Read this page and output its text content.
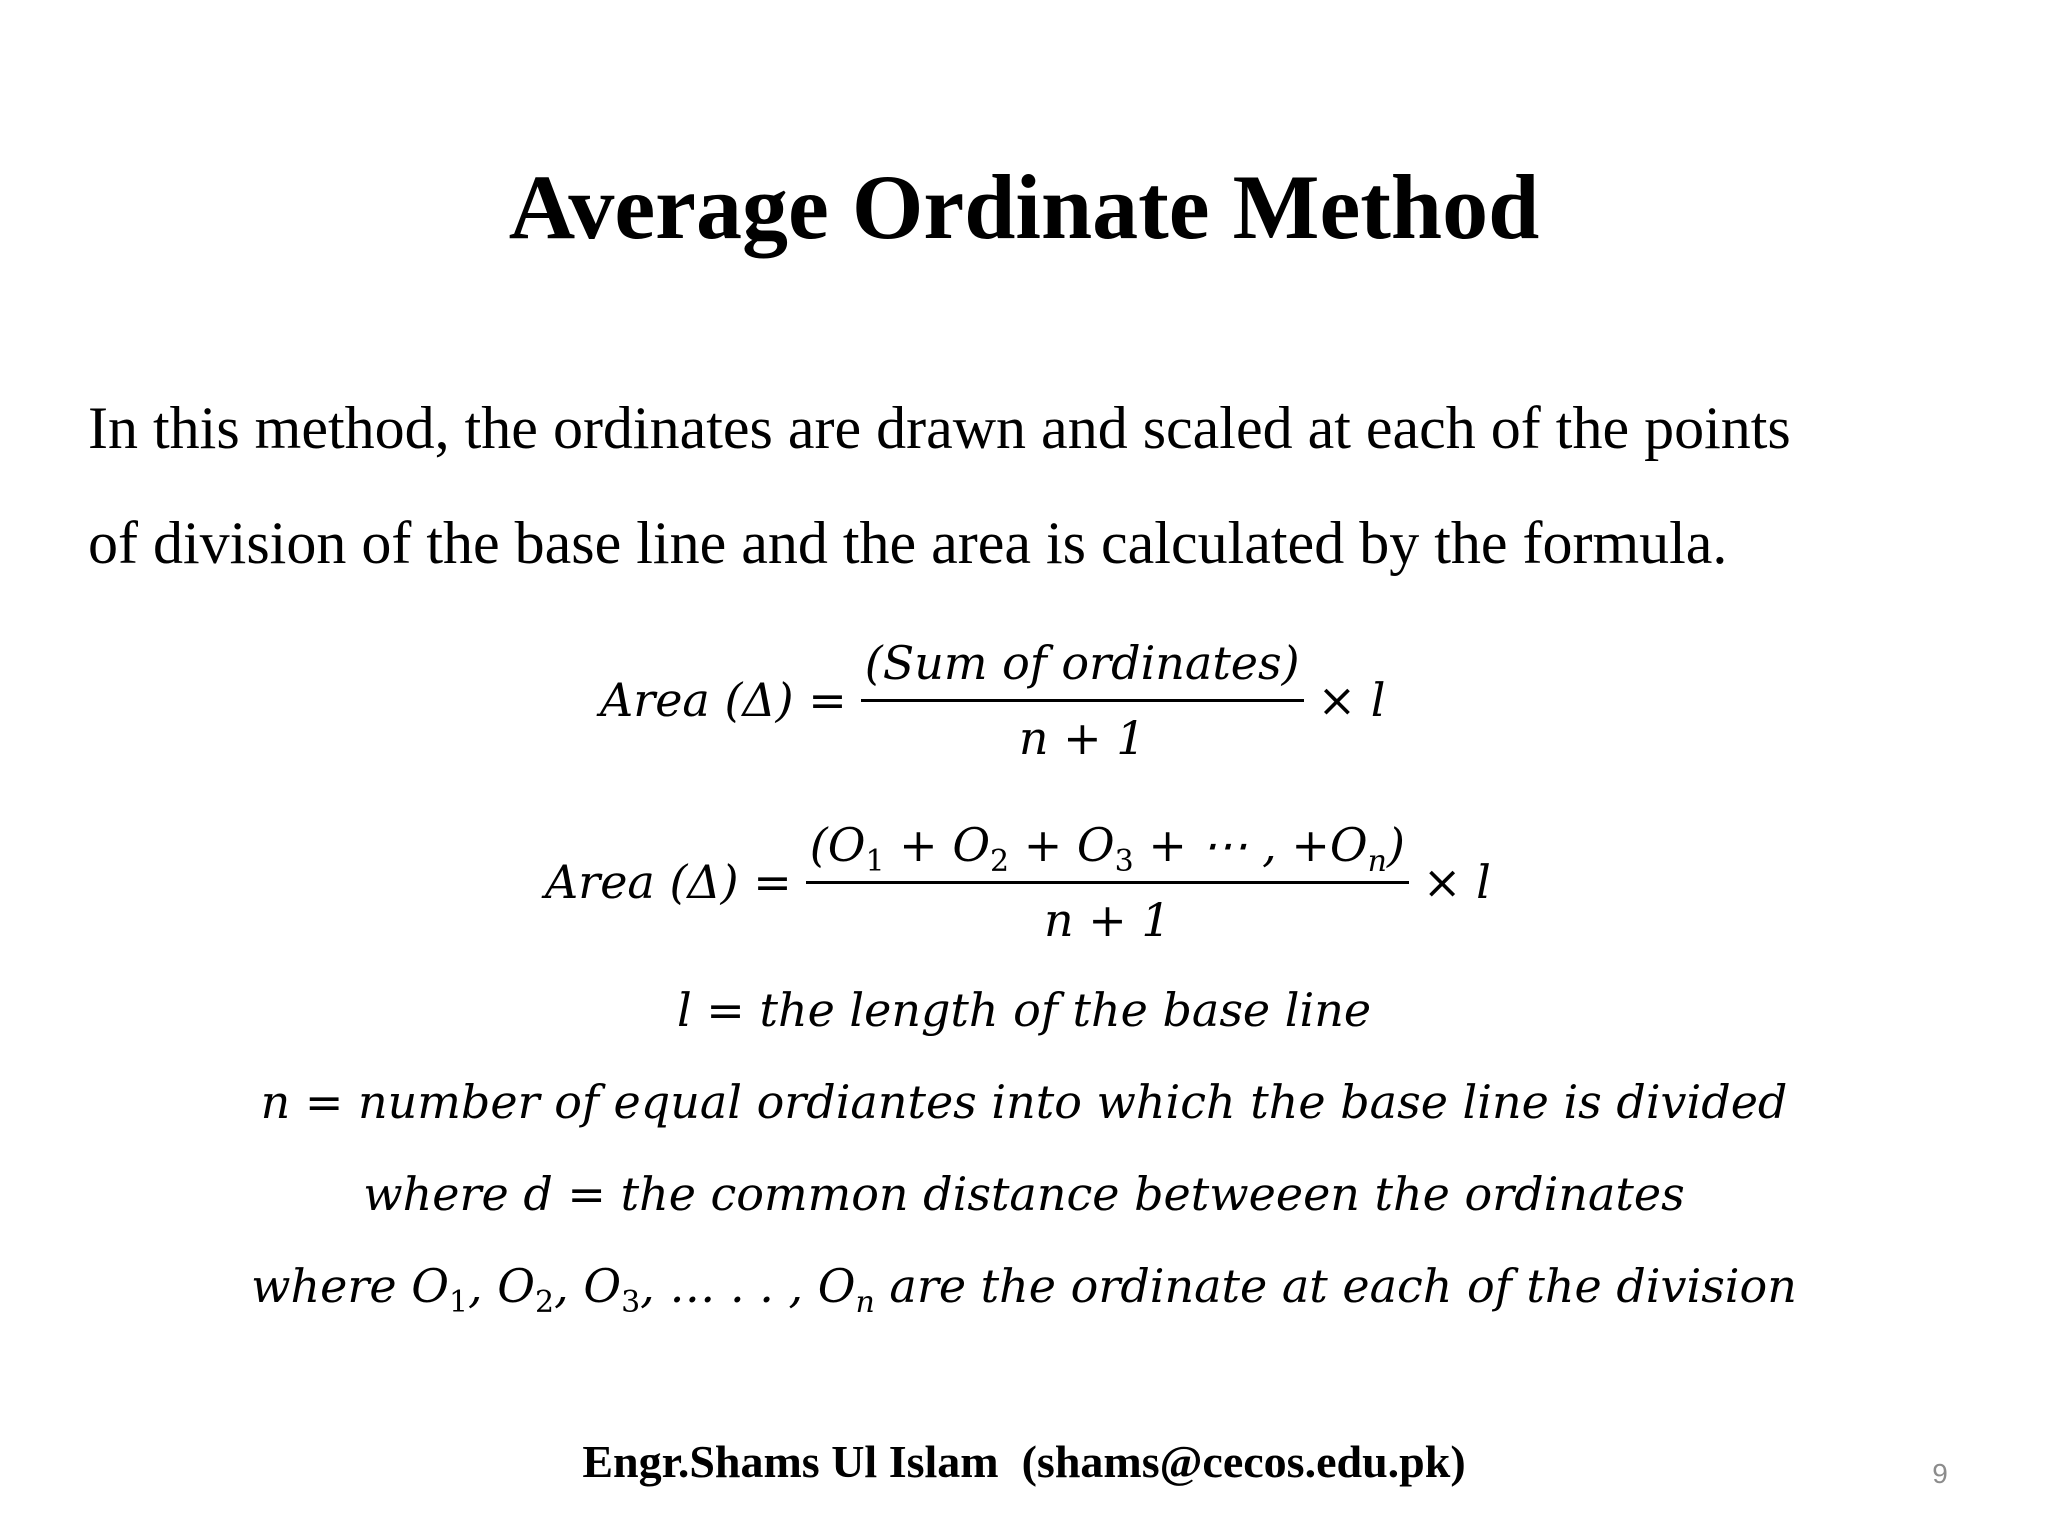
Average Ordinate Method
In this method, the ordinates are drawn and scaled at each of the points
of division of the base line and the area is calculated by the formula.
Area $(\Delta) = \frac{\text{(Sum of ordinates)}}{n + 1} \times l$
Area $(\Delta) = \frac{(O_1 + O_2 + O_3 + \cdots , +O_n)}{n + 1} \times l$
l = the length of the base line
n = number of equal ordiantes into which the base line is divided
where d = the common distance betweeen the ordinates
where $O_1$, $O_2$, $O_3$, … . . , $O_n$ are the ordinate at each of the division
Engr.Shams Ul Islam  (shams@cecos.edu.pk)	9
